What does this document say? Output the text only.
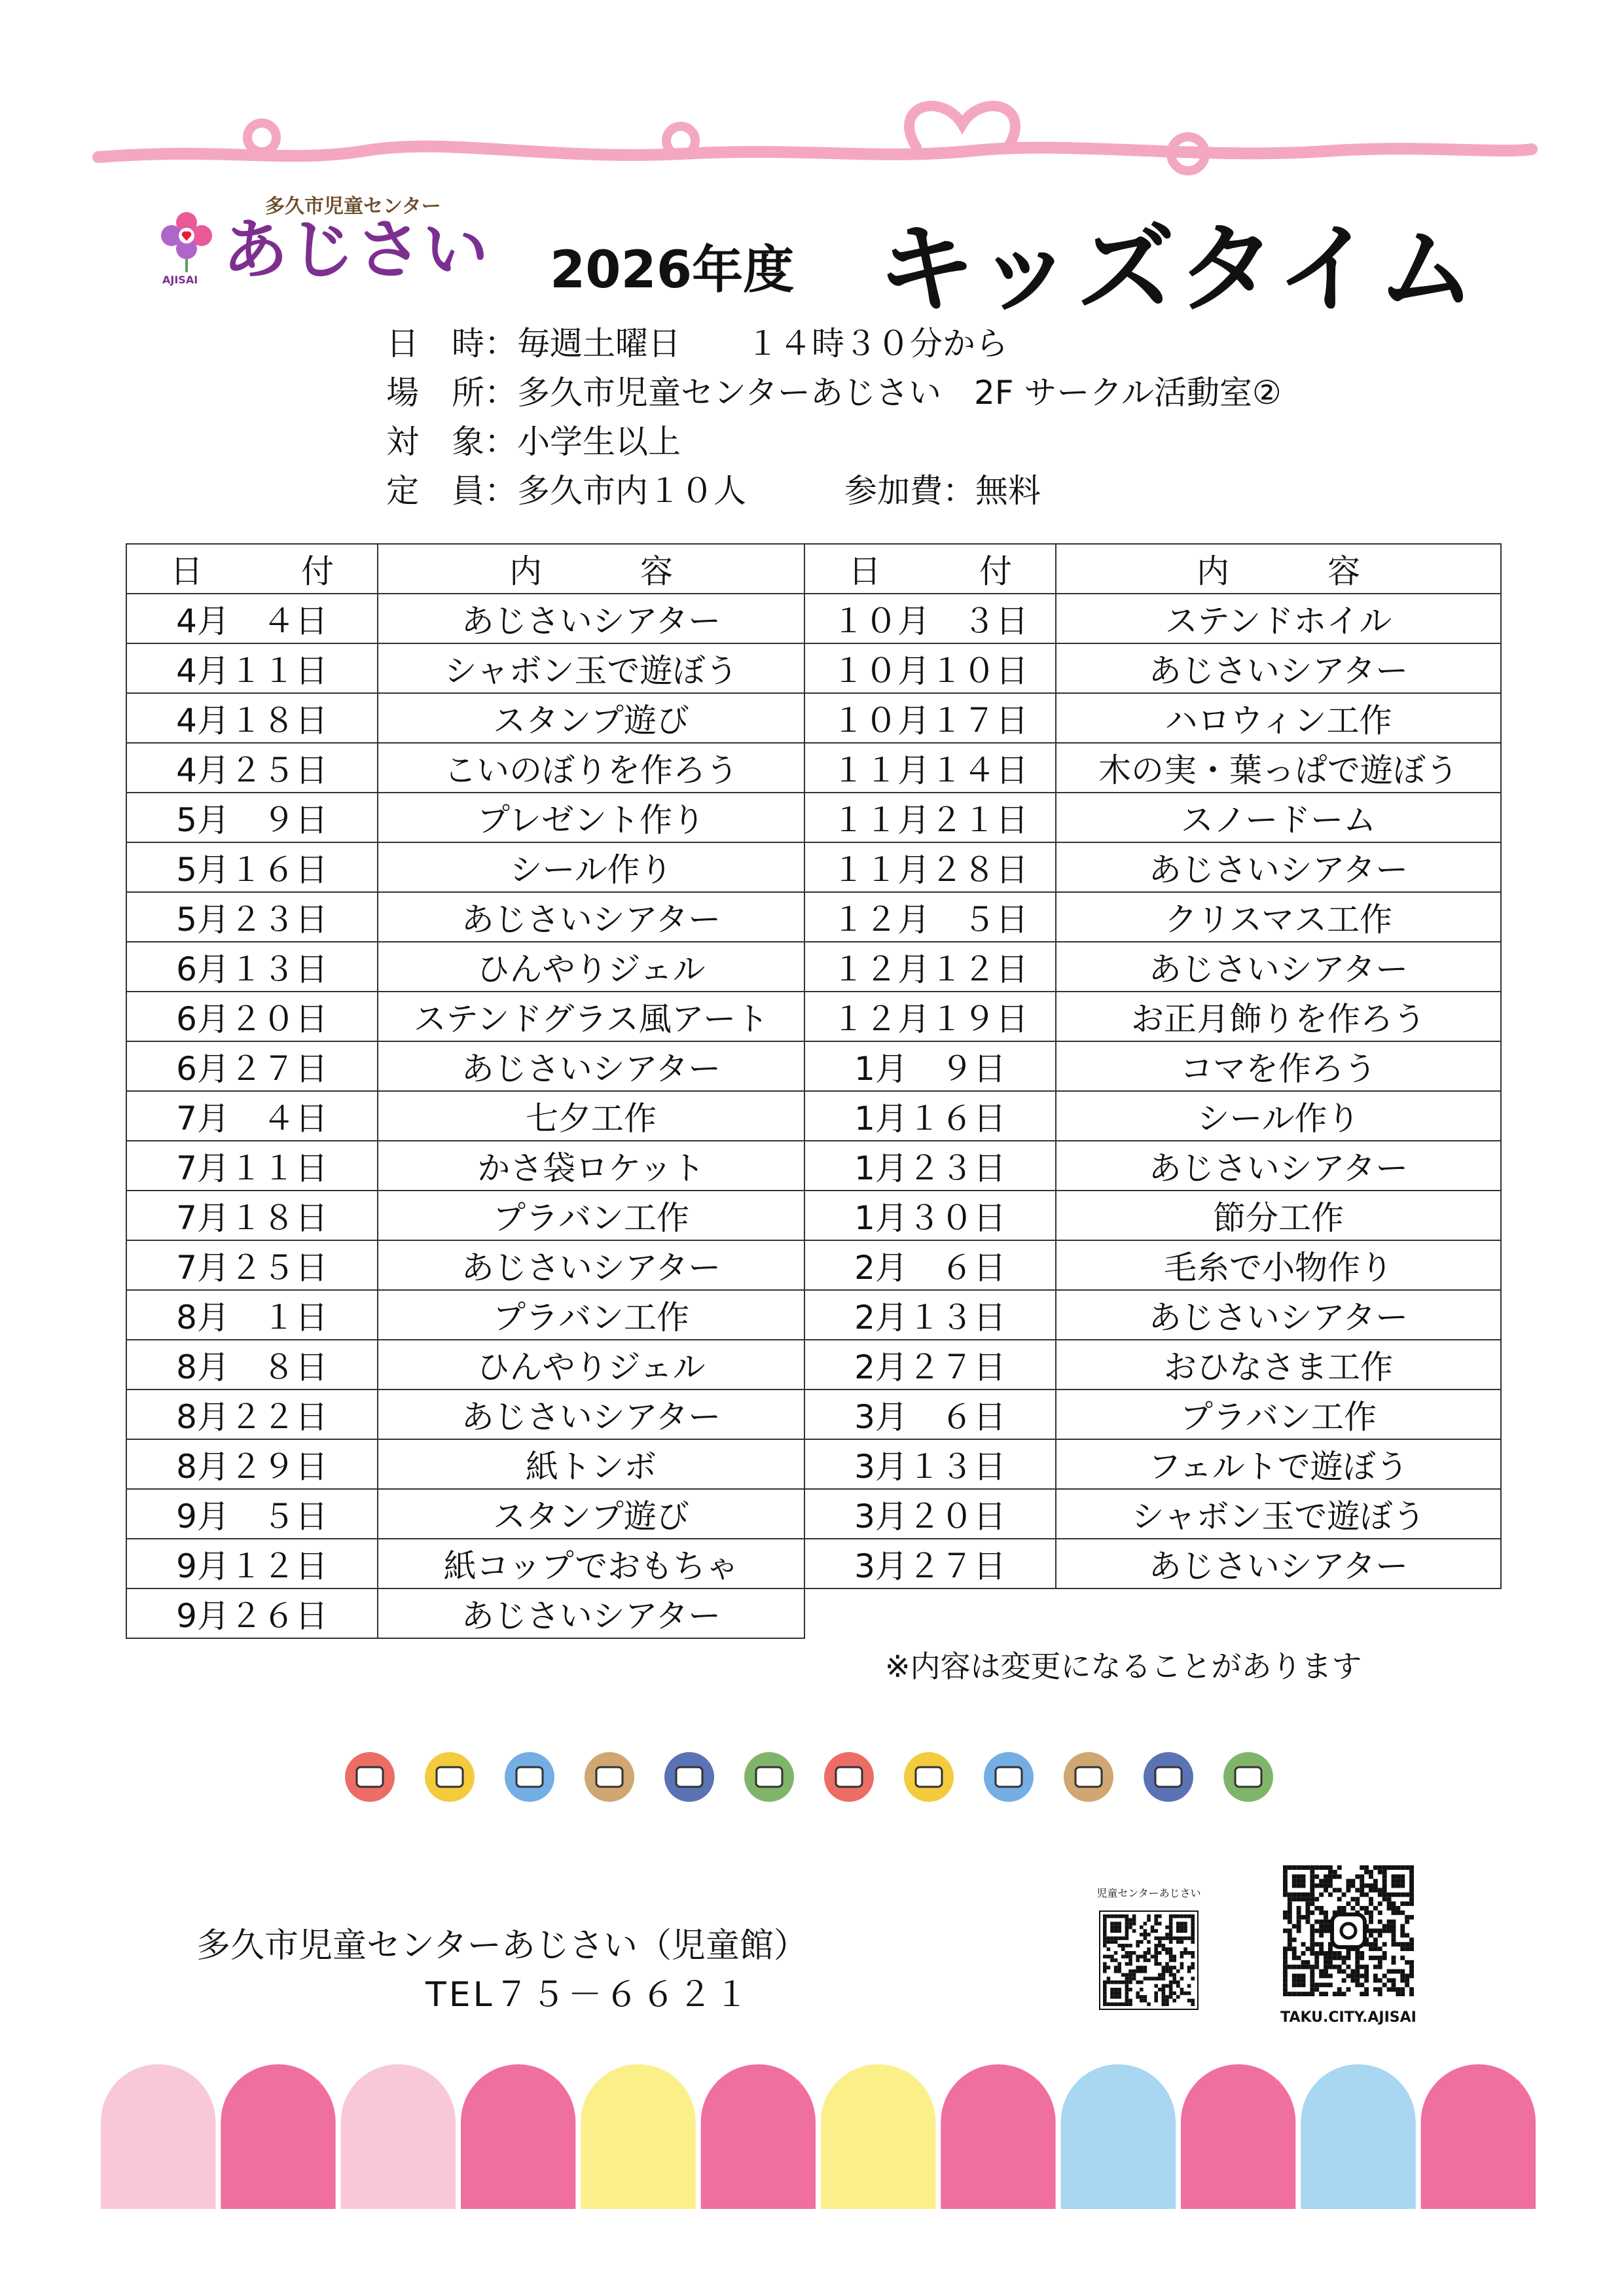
AJISAI
多久市児童センター
あじさい 2026年度 キッズタイム
日　時：毎週土曜日　　１４時３０分から
場　所：多久市児童センターあじさい　2F サークル活動室②
対　象：小学生以上
定　員：多久市内１０人	参加費：無料
日　　　付	内　　　容	日　　　付	内　　　容
4月　４日	あじさいシアター	１０月　３日	ステンドホイル
4月１１日	シャボン玉で遊ぼう	１０月１０日	あじさいシアター
4月１８日	スタンプ遊び	１０月１７日	ハロウィン工作
4月２５日	こいのぼりを作ろう	１１月１４日	木の実・葉っぱで遊ぼう
5月　９日	プレゼント作り	１１月２１日	スノードーム
5月１６日	シール作り	１１月２８日	あじさいシアター
5月２３日	あじさいシアター	１２月　５日	クリスマス工作
6月１３日	ひんやりジェル	１２月１２日	あじさいシアター
6月２０日	ステンドグラス風アート	１２月１９日	お正月飾りを作ろう
6月２７日	あじさいシアター	1月　９日	コマを作ろう
7月　４日	七夕工作	1月１６日	シール作り
7月１１日	かさ袋ロケット	1月２３日	あじさいシアター
7月１８日	プラバン工作	1月３０日	節分工作
7月２５日	あじさいシアター	2月　６日	毛糸で小物作り
8月　１日	プラバン工作	2月１３日	あじさいシアター
8月　８日	ひんやりジェル	2月２７日	おひなさま工作
8月２２日	あじさいシアター	3月　６日	プラバン工作
8月２９日	紙トンボ	3月１３日	フェルトで遊ぼう
9月　５日	スタンプ遊び	3月２０日	シャボン玉で遊ぼう
9月１２日	紙コップでおもちゃ	3月２７日	あじさいシアター
9月２６日	あじさいシアター		
※内容は変更になることがあります
多久市児童センターあじさい（児童館）
TEL７５－６６２１
児童センターあじさい
TAKU.CITY.AJISAI
